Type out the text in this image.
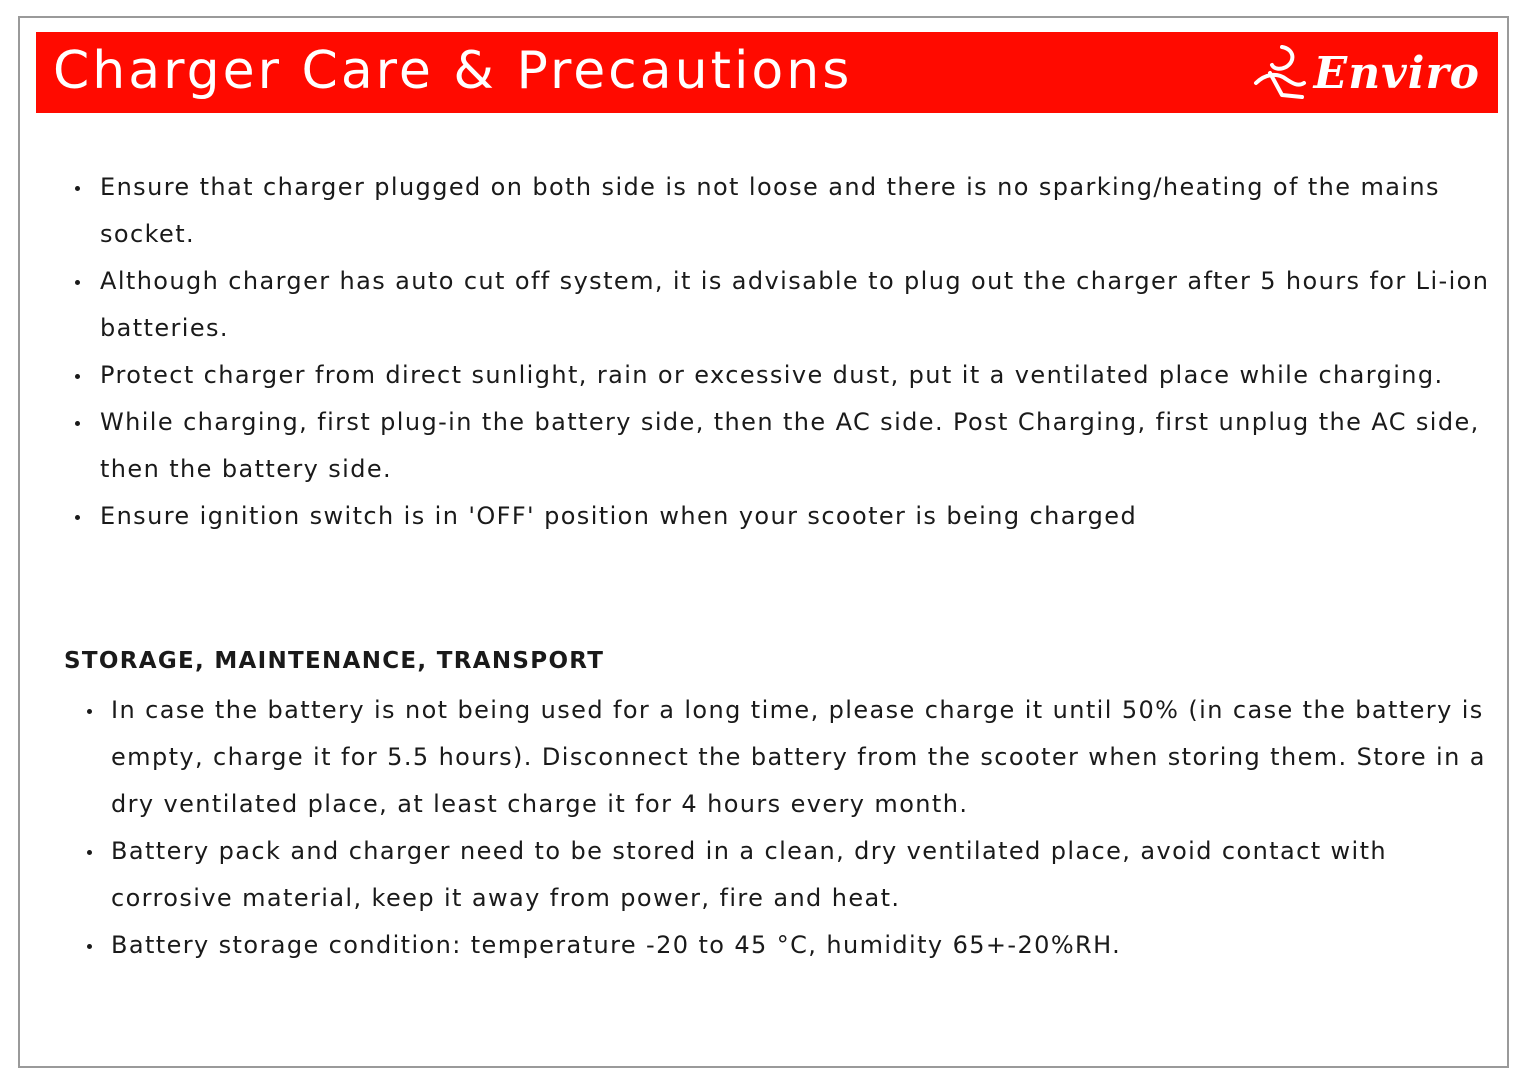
Charger Care & Precautions	Enviro
Ensure that charger plugged on both side is not loose and there is no sparking/heating of the mains socket.
Although charger has auto cut off system, it is advisable to plug out the charger after 5 hours for Li-ion batteries.
Protect charger from direct sunlight, rain or excessive dust, put it a ventilated place while charging.
While charging, first plug-in the battery side, then the AC side. Post Charging, first unplug the AC side, then the battery side.
Ensure ignition switch is in 'OFF' position when your scooter is being charged
STORAGE, MAINTENANCE, TRANSPORT
In case the battery is not being used for a long time, please charge it until 50% (in case the battery is empty, charge it for 5.5 hours). Disconnect the battery from the scooter when storing them. Store in a dry ventilated place, at least charge it for 4 hours every month.
Battery pack and charger need to be stored in a clean, dry ventilated place, avoid contact with corrosive material, keep it away from power, fire and heat.
Battery storage condition: temperature -20 to 45 °C, humidity 65+-20%RH.
